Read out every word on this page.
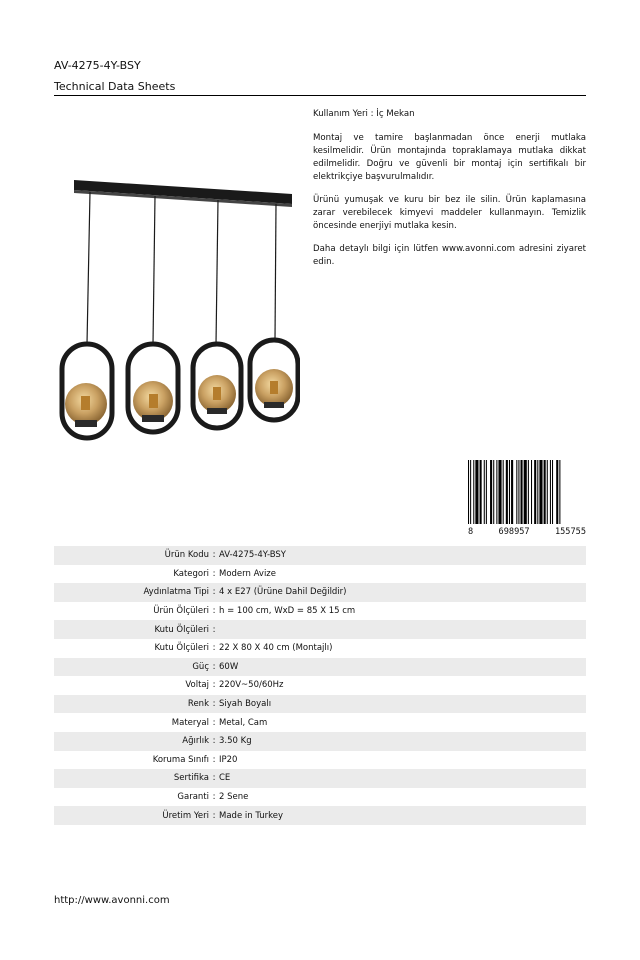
AV-4275-4Y-BSY
Technical Data Sheets

Kullanım Yeri : İç Mekan

Montaj ve tamire başlanmadan önce enerji mutlaka kesilmelidir. Ürün montajında topraklamaya mutlaka dikkat edilmelidir. Doğru ve güvenli bir montaj için sertifikalı bir elektrikçiye başvurulmalıdır.

Ürünü yumuşak ve kuru bir bez ile silin. Ürün kaplamasına zarar verebilecek kimyevi maddeler kullanmayın. Temizlik öncesinde enerjiyi mutlaka kesin.

Daha detaylı bilgi için lütfen www.avonni.com adresini ziyaret edin.

8	698957	155755
Ürün Kodu : AV-4275-4Y-BSY
Kategori : Modern Avize
Aydınlatma Tipi : 4 x E27 (Ürüne Dahil Değildir)
Ürün Ölçüleri : h = 100 cm, WxD = 85 X 15 cm
Kutu Ölçüleri :
Kutu Ölçüleri : 22 X 80 X 40 cm (Montajlı)
Güç : 60W
Voltaj : 220V~50/60Hz
Renk : Siyah Boyalı
Materyal : Metal, Cam
Ağırlık : 3.50 Kg
Koruma Sınıfı : IP20
Sertifika : CE
Garanti : 2 Sene
Üretim Yeri : Made in Turkey
http://www.avonni.com
